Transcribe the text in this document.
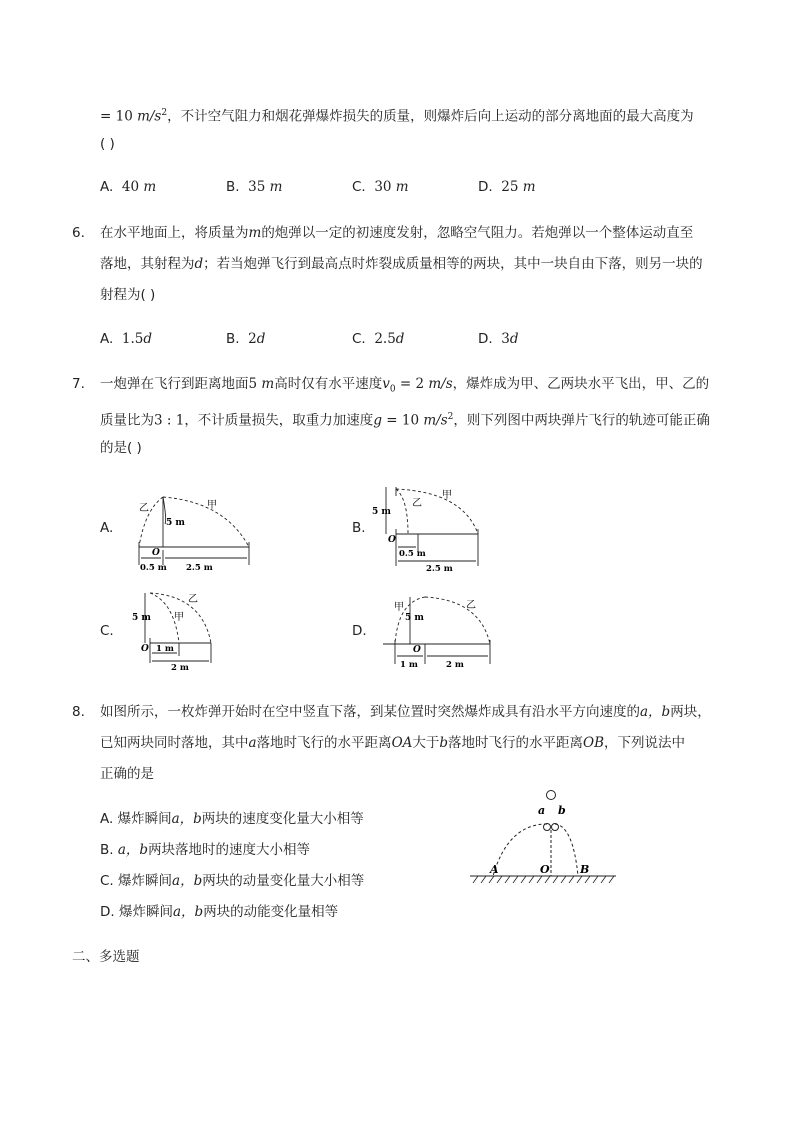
= 10 $m/s^2$，不计空气阻力和烟花弹爆炸损失的质量，则爆炸后向上运动的部分离地面的最大高度为
( )
A. 40 m	B. 35 m	C. 30 m	D. 25 m
6. 在水平地面上，将质量为m的炮弹以一定的初速度发射，忽略空气阻力。若炮弹以一个整体运动直至
落地，其射程为d；若当炮弹飞行到最高点时炸裂成质量相等的两块，其中一块自由下落，则另一块的
射程为( )
A. 1.5d	B. 2d	C. 2.5d	D. 3d
7. 一炮弹在飞行到距离地面5 m高时仅有水平速度$v_0 = 2$ m/s，爆炸成为甲、乙两块水平飞出，甲、乙的
质量比为3 : 1，不计质量损失，取重力加速度g = 10 $m/s^2$，则下列图中两块弹片飞行的轨迹可能正确
的是( )
A.	B.
C.	D.
乙	甲
5 m
O
0.5 m 2.5 m
乙
甲
5 m
O
0.5 m
2.5 m
甲
乙
5 m
O 1 m
2 m
甲	乙
5 m
O
1 m	2 m
8. 如图所示，一枚炸弹开始时在空中竖直下落，到某位置时突然爆炸成具有沿水平方向速度的a，b两块，
已知两块同时落地，其中a落地时飞行的水平距离OA大于b落地时飞行的水平距离OB，下列说法中
正确的是
A. 爆炸瞬间a，b两块的速度变化量大小相等
B. a，b两块落地时的速度大小相等
C. 爆炸瞬间a，b两块的动量变化量大小相等
D. 爆炸瞬间a，b两块的动能变化量相等
a b
A	O	B
二、多选题
